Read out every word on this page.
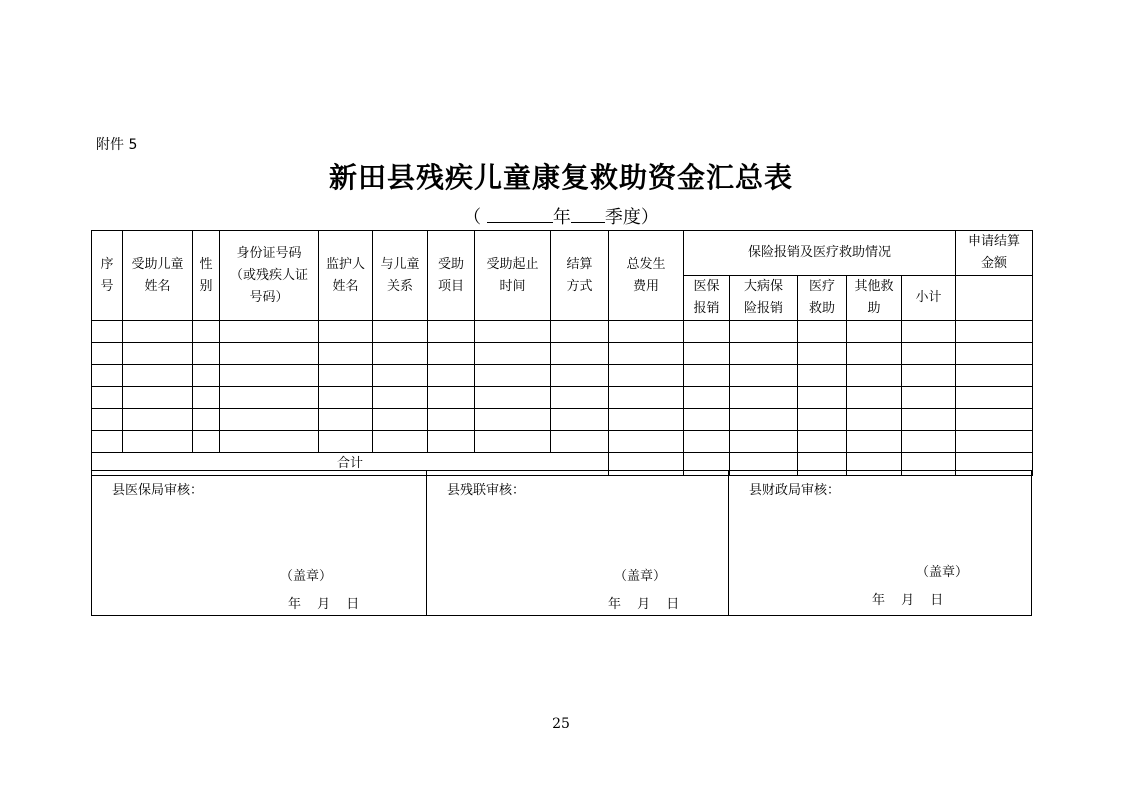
附件 5
新田县残疾儿童康复救助资金汇总表
（	年 季度）
序号	受助儿童姓名	性别	身份证号码（或残疾人证号码）	监护人姓名	与儿童关系	受助项目	受助起止时间	结算方式	总发生费用	保险报销及医疗救助情况					申请结算金额

										医保报销	大病保险报销	医疗救助	其他救助	小计	

合计															
县医保局审核：
（盖章）
年 月 日
县残联审核：
（盖章）
年 月 日
县财政局审核：
（盖章）
年 月 日
25
